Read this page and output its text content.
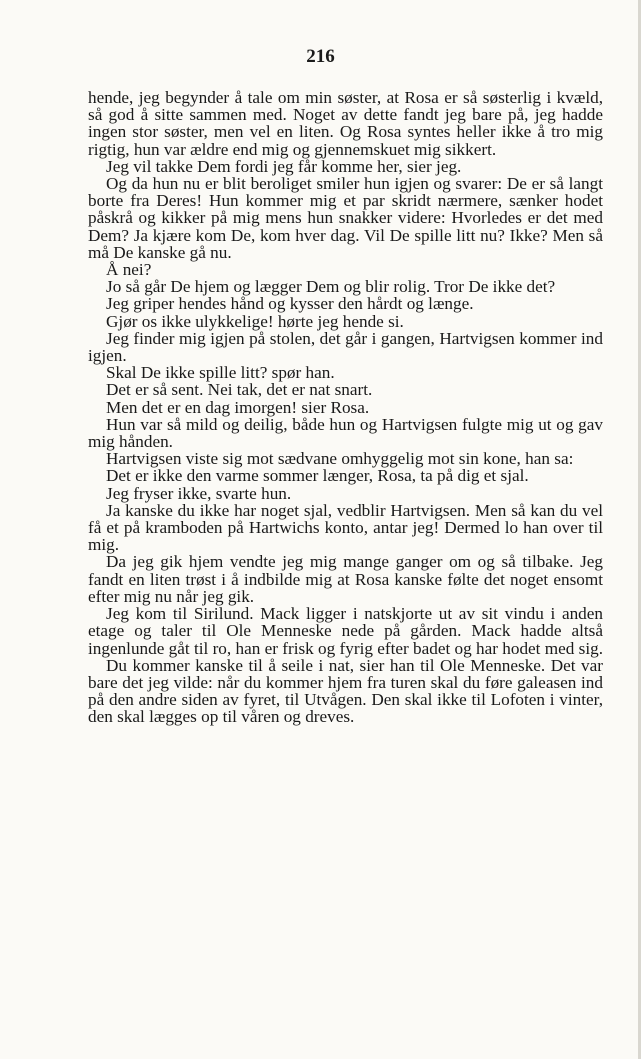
216

hende, jeg begynder å tale om min søster, at Rosa er så søsterlig i kvæld, så god å sitte sammen med. Noget av dette fandt jeg bare på, jeg hadde ingen stor søster, men vel en liten. Og Rosa syntes heller ikke å tro mig rigtig, hun var ældre end mig og gjennemskuet mig sikkert.

Jeg vil takke Dem fordi jeg får komme her, sier jeg.

Og da hun nu er blit beroliget smiler hun igjen og svarer: De er så langt borte fra Deres! Hun kommer mig et par skridt nærmere, sænker hodet påskrå og kikker på mig mens hun snakker videre: Hvorledes er det med Dem? Ja kjære kom De, kom hver dag. Vil De spille litt nu? Ikke? Men så må De kanske gå nu.

Å nei?

Jo så går De hjem og lægger Dem og blir rolig. Tror De ikke det?

Jeg griper hendes hånd og kysser den hårdt og længe.

Gjør os ikke ulykkelige! hørte jeg hende si.

Jeg finder mig igjen på stolen, det går i gangen, Hartvigsen kommer ind igjen.

Skal De ikke spille litt? spør han.

Det er så sent. Nei tak, det er nat snart.

Men det er en dag imorgen! sier Rosa.

Hun var så mild og deilig, både hun og Hartvigsen fulgte mig ut og gav mig hånden.

Hartvigsen viste sig mot sædvane omhyggelig mot sin kone, han sa:

Det er ikke den varme sommer længer, Rosa, ta på dig et sjal.

Jeg fryser ikke, svarte hun.

Ja kanske du ikke har noget sjal, vedblir Hartvigsen. Men så kan du vel få et på kramboden på Hartwichs konto, antar jeg! Dermed lo han over til mig.

Da jeg gik hjem vendte jeg mig mange ganger om og så tilbake. Jeg fandt en liten trøst i å indbilde mig at Rosa kanske følte det noget ensomt efter mig nu når jeg gik.

Jeg kom til Sirilund. Mack ligger i natskjorte ut av sit vindu i anden etage og taler til Ole Menneske nede på gården. Mack hadde altså ingenlunde gåt til ro, han er frisk og fyrig efter badet og har hodet med sig.

Du kommer kanske til å seile i nat, sier han til Ole Menneske. Det var bare det jeg vilde: når du kommer hjem fra turen skal du føre galeasen ind på den andre siden av fyret, til Utvågen. Den skal ikke til Lofoten i vinter, den skal lægges op til våren og dreves.
